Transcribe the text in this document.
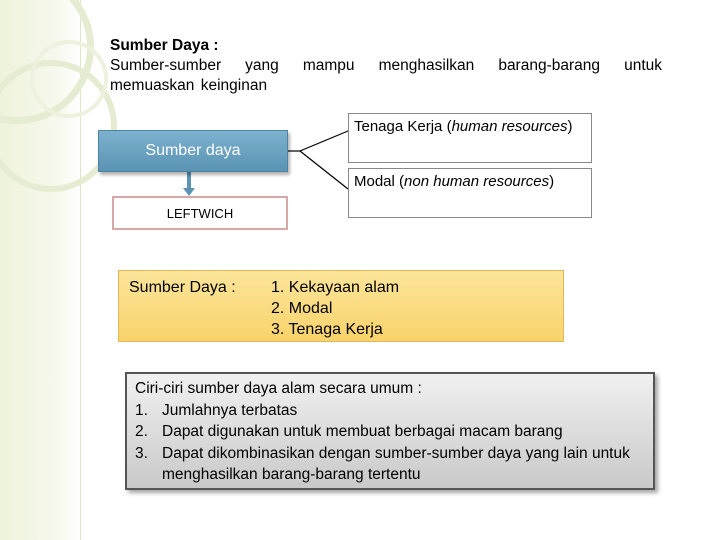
Sumber Daya :
Sumber-sumber yang mampu menghasilkan barang-barang untuk memuaskan keinginan
Sumber daya
LEFTWICH
Tenaga Kerja (human resources)
Modal (non human resources)
Sumber Daya : 1. Kekayaan alam
2. Modal
3. Tenaga Kerja
Ciri-ciri sumber daya alam secara umum :
1. Jumlahnya terbatas
2. Dapat digunakan untuk membuat berbagai macam barang
3. Dapat dikombinasikan dengan sumber-sumber daya yang lain untuk menghasilkan barang-barang tertentu
